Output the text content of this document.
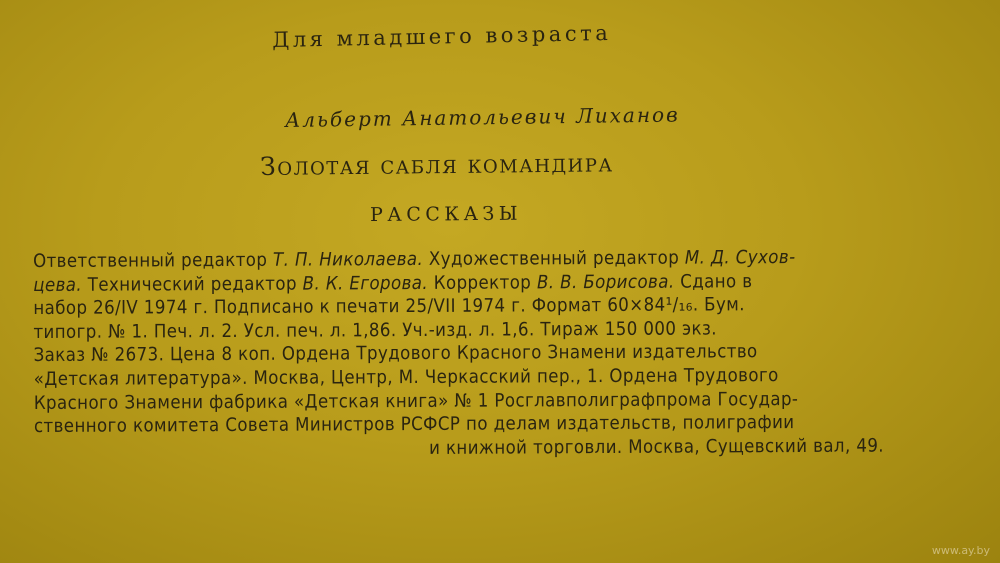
Для младшего возраста
Альберт Анатольевич Лиханов
Золотая сабля командира
РАССКАЗЫ
Ответственный редактор Т. П. Николаева. Художественный редактор М. Д. Сухов-
цева. Технический редактор В. К. Егорова. Корректор В. В. Борисова. Сдано в
набор 26/IV 1974 г. Подписано к печати 25/VII 1974 г. Формат 60×84¹/₁₆. Бум.
типогр. № 1. Печ. л. 2. Усл. печ. л. 1,86. Уч.-изд. л. 1,6. Тираж 150 000 экз.
Заказ № 2673. Цена 8 коп. Ордена Трудового Красного Знамени издательство
«Детская литература». Москва, Центр, М. Черкасский пер., 1. Ордена Трудового
Красного Знамени фабрика «Детская книга» № 1 Росглавполиграфпрома Государ-
ственного комитета Совета Министров РСФСР по делам издательств, полиграфии
и книжной торговли. Москва, Сущевский вал, 49.
www.ay.by
